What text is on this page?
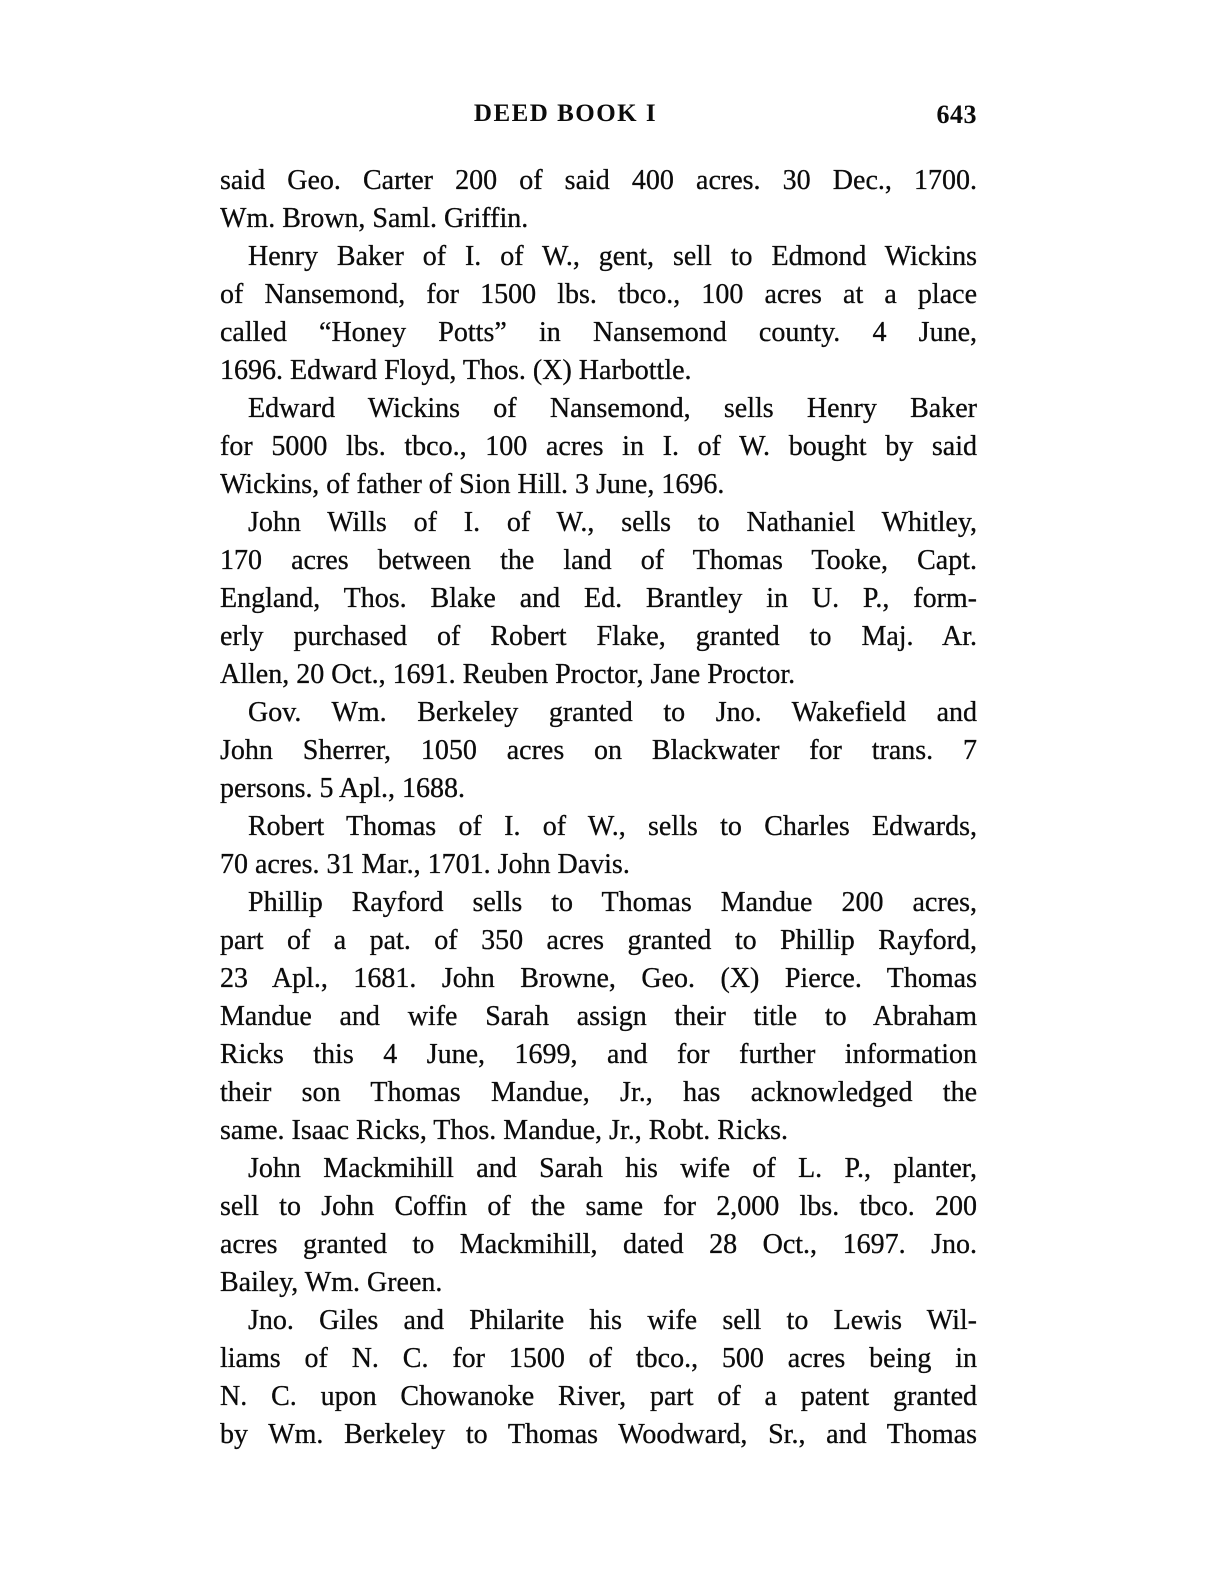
DEED BOOK I	643
said Geo. Carter 200 of said 400 acres. 30 Dec., 1700.
Wm. Brown, Saml. Griffin.
Henry Baker of I. of W., gent, sell to Edmond Wickins
of Nansemond, for 1500 lbs. tbco., 100 acres at a place
called “Honey Potts” in Nansemond county. 4 June,
1696. Edward Floyd, Thos. (X) Harbottle.
Edward Wickins of Nansemond, sells Henry Baker
for 5000 lbs. tbco., 100 acres in I. of W. bought by said
Wickins, of father of Sion Hill. 3 June, 1696.
John Wills of I. of W., sells to Nathaniel Whitley,
170 acres between the land of Thomas Tooke, Capt.
England, Thos. Blake and Ed. Brantley in U. P., form-
erly purchased of Robert Flake, granted to Maj. Ar.
Allen, 20 Oct., 1691. Reuben Proctor, Jane Proctor.
Gov. Wm. Berkeley granted to Jno. Wakefield and
John Sherrer, 1050 acres on Blackwater for trans. 7
persons. 5 Apl., 1688.
Robert Thomas of I. of W., sells to Charles Edwards,
70 acres. 31 Mar., 1701. John Davis.
Phillip Rayford sells to Thomas Mandue 200 acres,
part of a pat. of 350 acres granted to Phillip Rayford,
23 Apl., 1681. John Browne, Geo. (X) Pierce. Thomas
Mandue and wife Sarah assign their title to Abraham
Ricks this 4 June, 1699, and for further information
their son Thomas Mandue, Jr., has acknowledged the
same. Isaac Ricks, Thos. Mandue, Jr., Robt. Ricks.
John Mackmihill and Sarah his wife of L. P., planter,
sell to John Coffin of the same for 2,000 lbs. tbco. 200
acres granted to Mackmihill, dated 28 Oct., 1697. Jno.
Bailey, Wm. Green.
Jno. Giles and Philarite his wife sell to Lewis Wil-
liams of N. C. for 1500 of tbco., 500 acres being in
N. C. upon Chowanoke River, part of a patent granted
by Wm. Berkeley to Thomas Woodward, Sr., and Thomas
